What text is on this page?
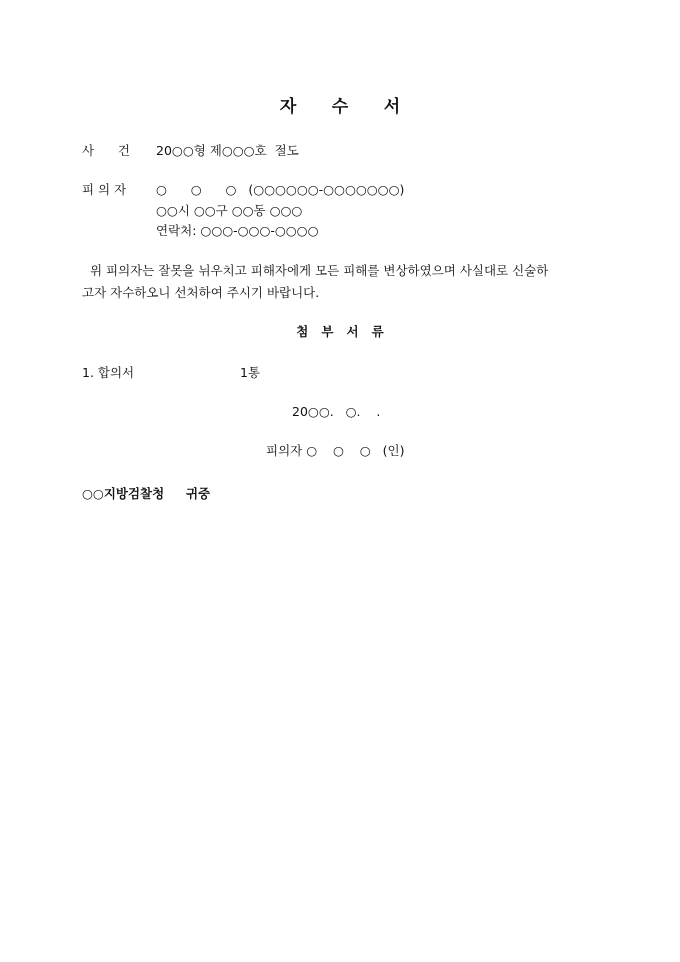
자      수      서
사      건 20○○형 제○○○호  절도
피 의 자 ○      ○      ○   (○○○○○○-○○○○○○○)
○○시 ○○구 ○○동 ○○○
연락처: ○○○-○○○-○○○○
위 피의자는 잘못을 뉘우치고 피해자에게 모든 피해를 변상하였으며 사실대로 신술하
고자 자수하오니 선처하여 주시기 바랍니다.
첨   부   서   류
1. 합의서	1통
20○○.   ○.    .
피의자 ○    ○    ○   (인)
○○지방검찰청     귀중
